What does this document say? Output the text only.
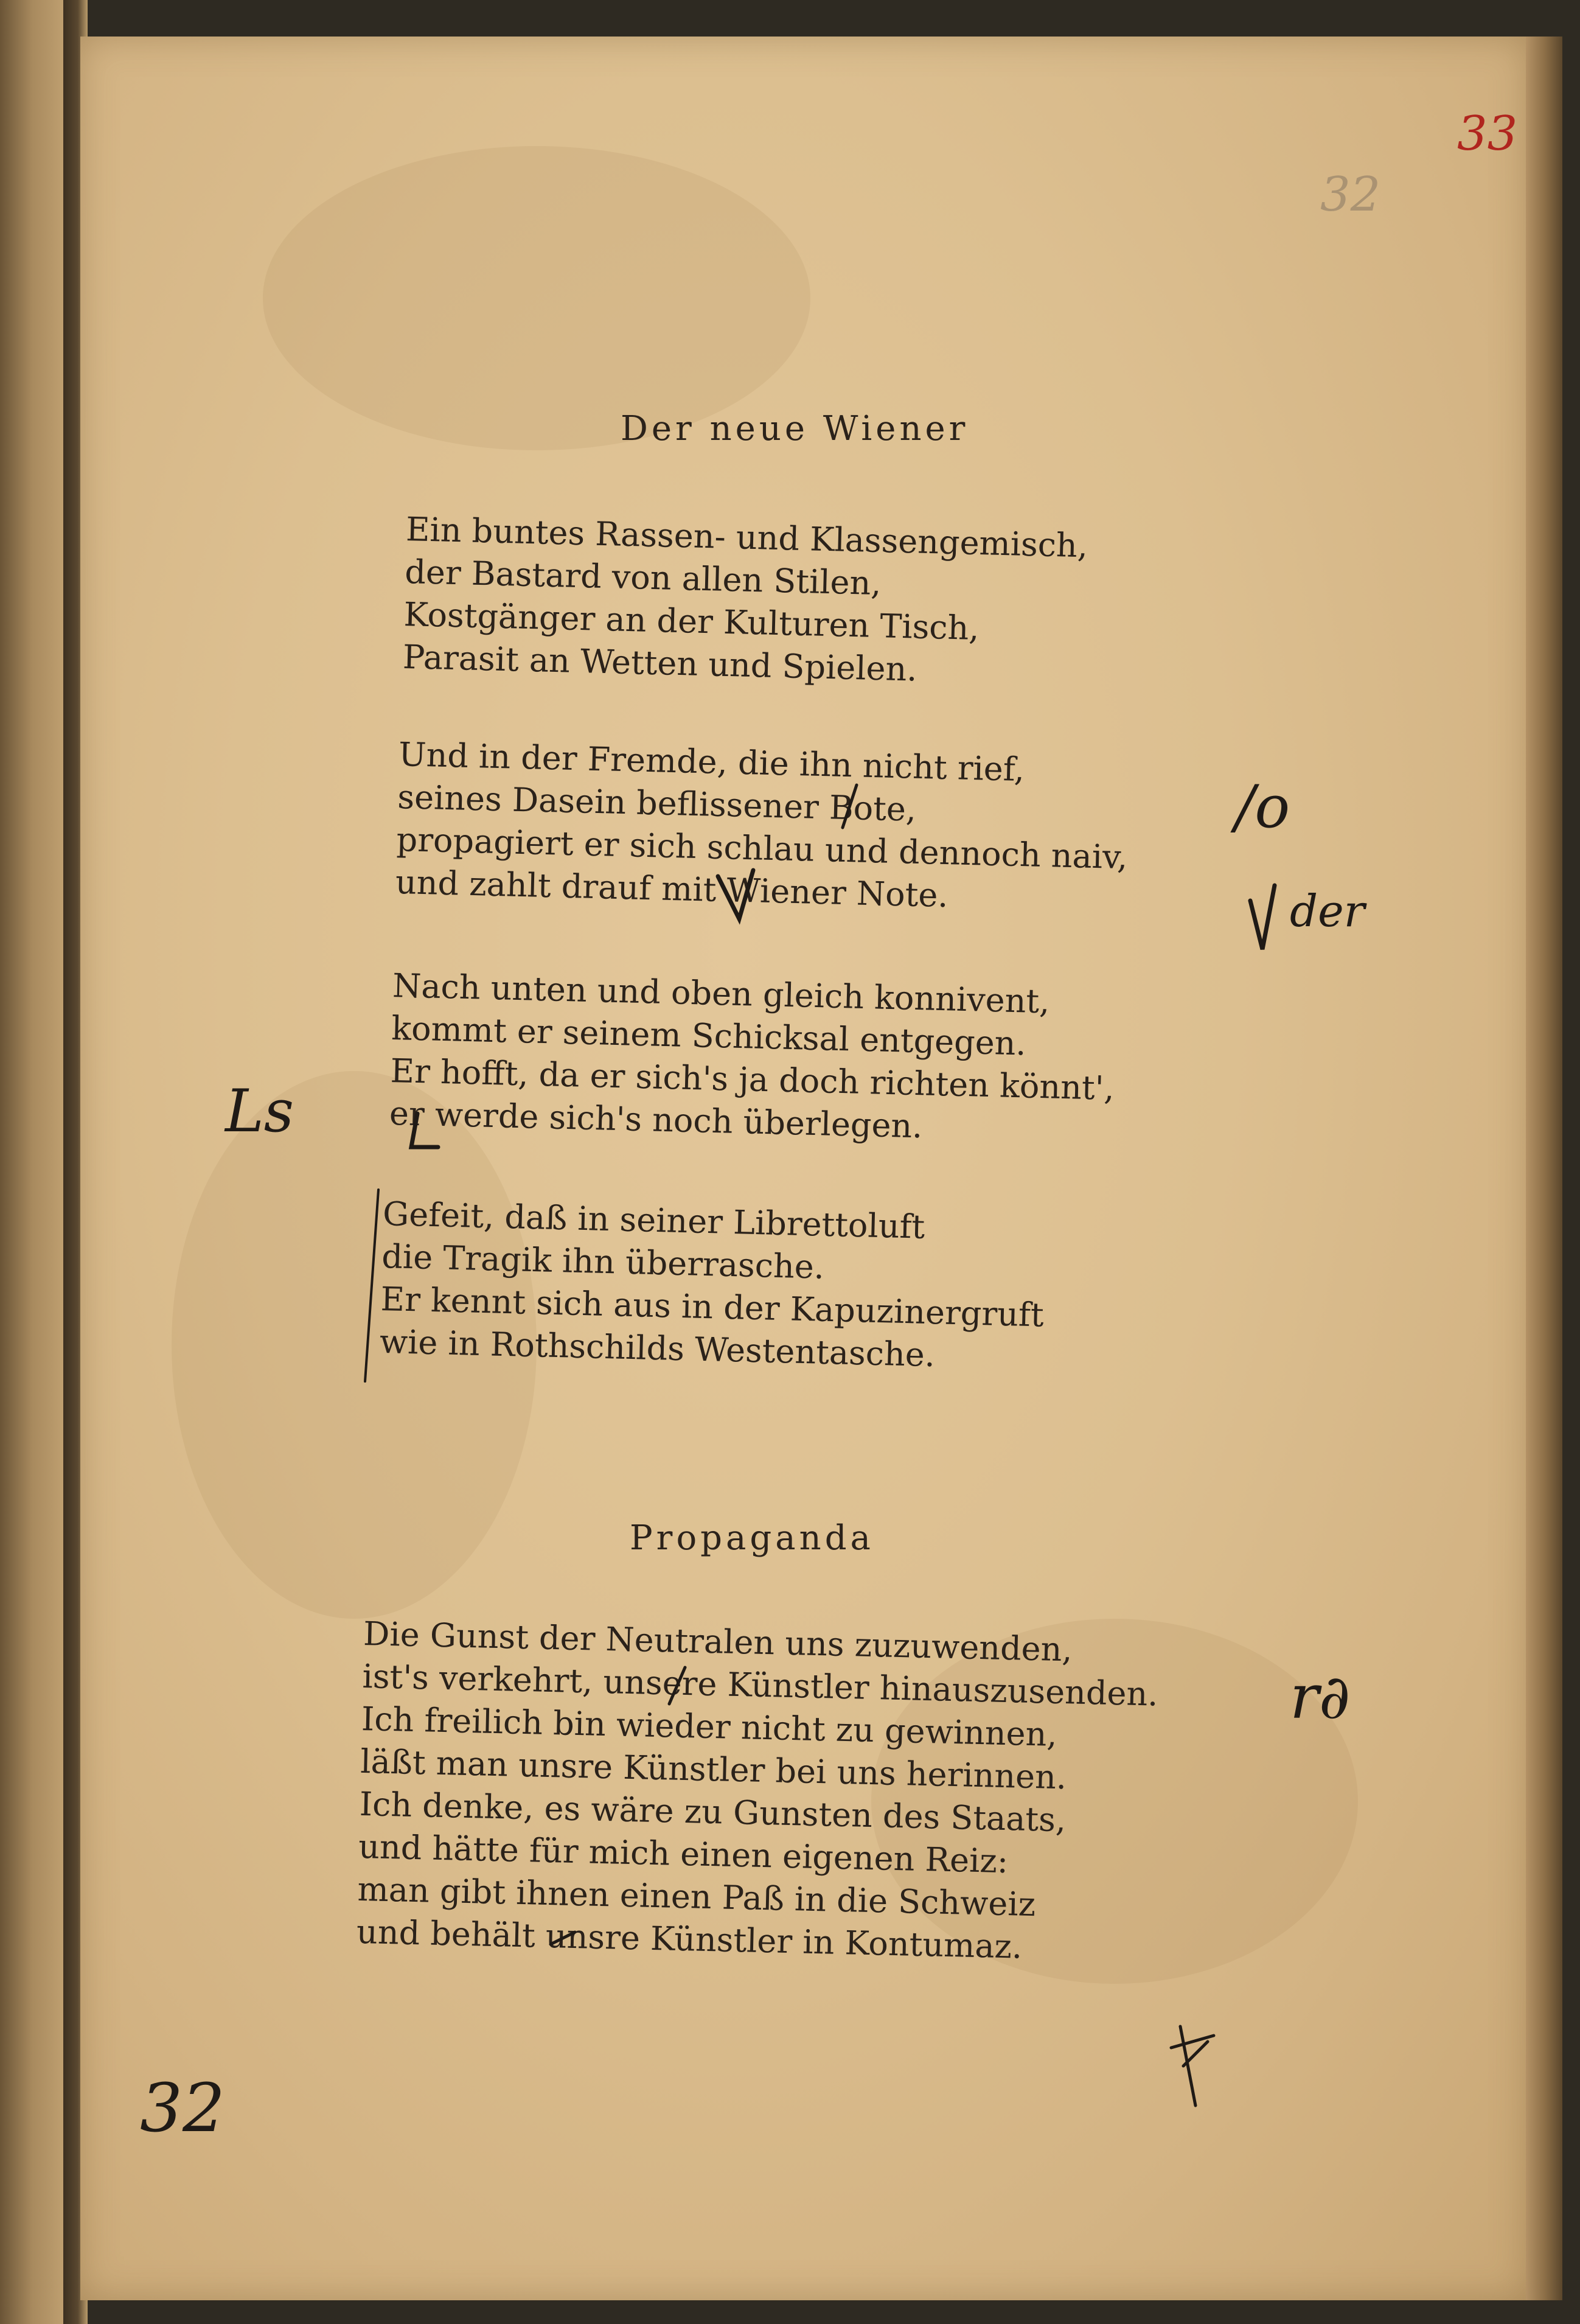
33
32
Der neue Wiener
Ein buntes Rassen- und Klassengemisch,
der Bastard von allen Stilen,
Kostgänger an der Kulturen Tisch,
Parasit an Wetten und Spielen.
Und in der Fremde, die ihn nicht rief,
seines Dasein beflissener Bote,
propagiert er sich schlau und dennoch naiv,
und zahlt drauf mit Wiener Note.
Nach unten und oben gleich konnivent,
kommt er seinem Schicksal entgegen.
Er hofft, da er sich's ja doch richten könnt',
er werde sich's noch überlegen.
Gefeit, daß in seiner Librettoluft
die Tragik ihn überrasche.
Er kennt sich aus in der Kapuzinergruft
wie in Rothschilds Westentasche.
Propaganda
Die Gunst der Neutralen uns zuzuwenden,
ist's verkehrt, unsere Künstler hinauszusenden.
Ich freilich bin wieder nicht zu gewinnen,
läßt man unsre Künstler bei uns herinnen.
Ich denke, es wäre zu Gunsten des Staats,
und hätte für mich einen eigenen Reiz:
man gibt ihnen einen Paß in die Schweiz
und behält unsre Künstler in Kontumaz.
/o
der
Ls
r∂
32
